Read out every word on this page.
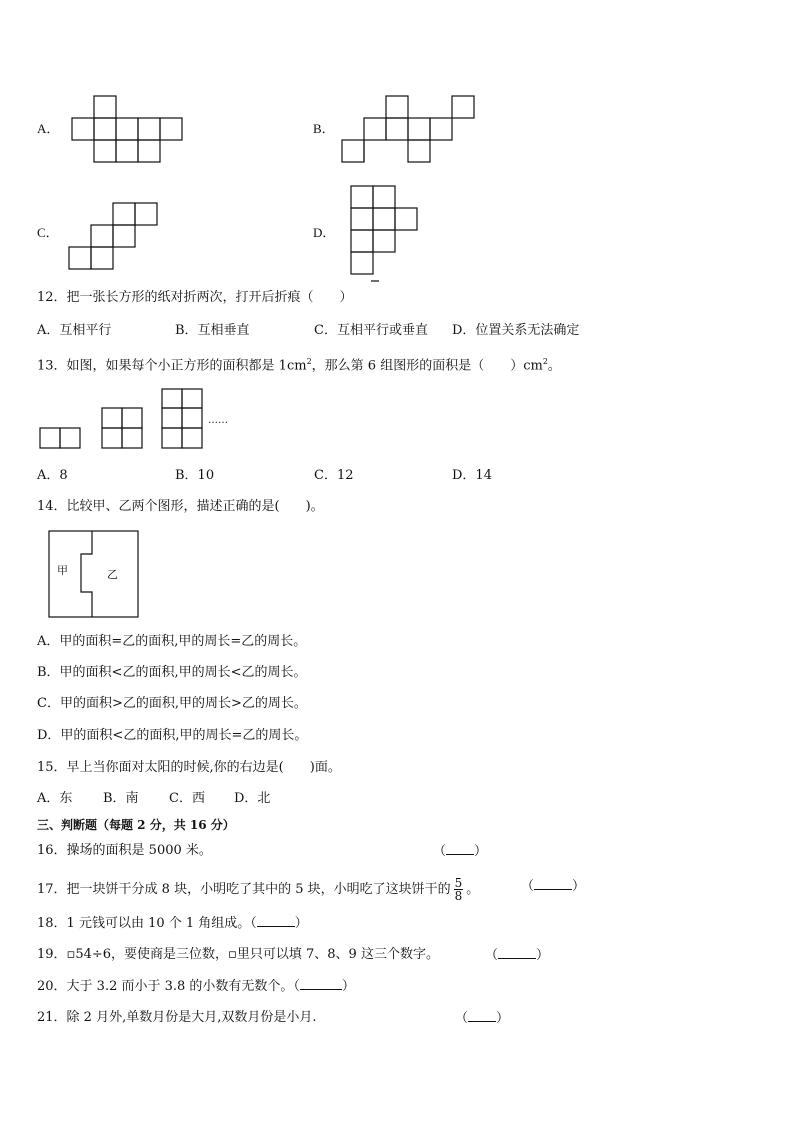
A．	B．
C．	D．
12．把一张长方形的纸对折两次，打开后折痕（　　）
A．互相平行	B．互相垂直	C．互相平行或垂直 D．位置关系无法确定
13．如图，如果每个小正方形的面积都是 $1cm^2$，那么第 6 组图形的面积是（　　）$cm^2$。
……
A．8	B．10	C．12	D．14
14．比较甲、乙两个图形，描述正确的是(　　)。
甲	乙
A．甲的面积=乙的面积,甲的周长=乙的周长。
B．甲的面积<乙的面积,甲的周长<乙的周长。
C．甲的面积>乙的面积,甲的周长>乙的周长。
D．甲的面积<乙的面积,甲的周长=乙的周长。
15．早上当你面对太阳的时候,你的右边是(　　)面。
A．东 B．南 C．西 D．北
三、判断题（每题 2 分，共 16 分）
16．操场的面积是 5000 米。	（ ）
17．把一块饼干分成 8 块，小明吃了其中的 5 块，小明吃了这块饼干的 $\frac{5}{8}$ 。	（	）
18．1 元钱可以由 10 个 1 角组成。（	）
19．▫54÷6，要使商是三位数，▫里只可以填 7、8、9 这三个数字。	（	）
20．大于 3.2 而小于 3.8 的小数有无数个。（	）
21．除 2 月外,单数月份是大月,双数月份是小月.	（ ）
